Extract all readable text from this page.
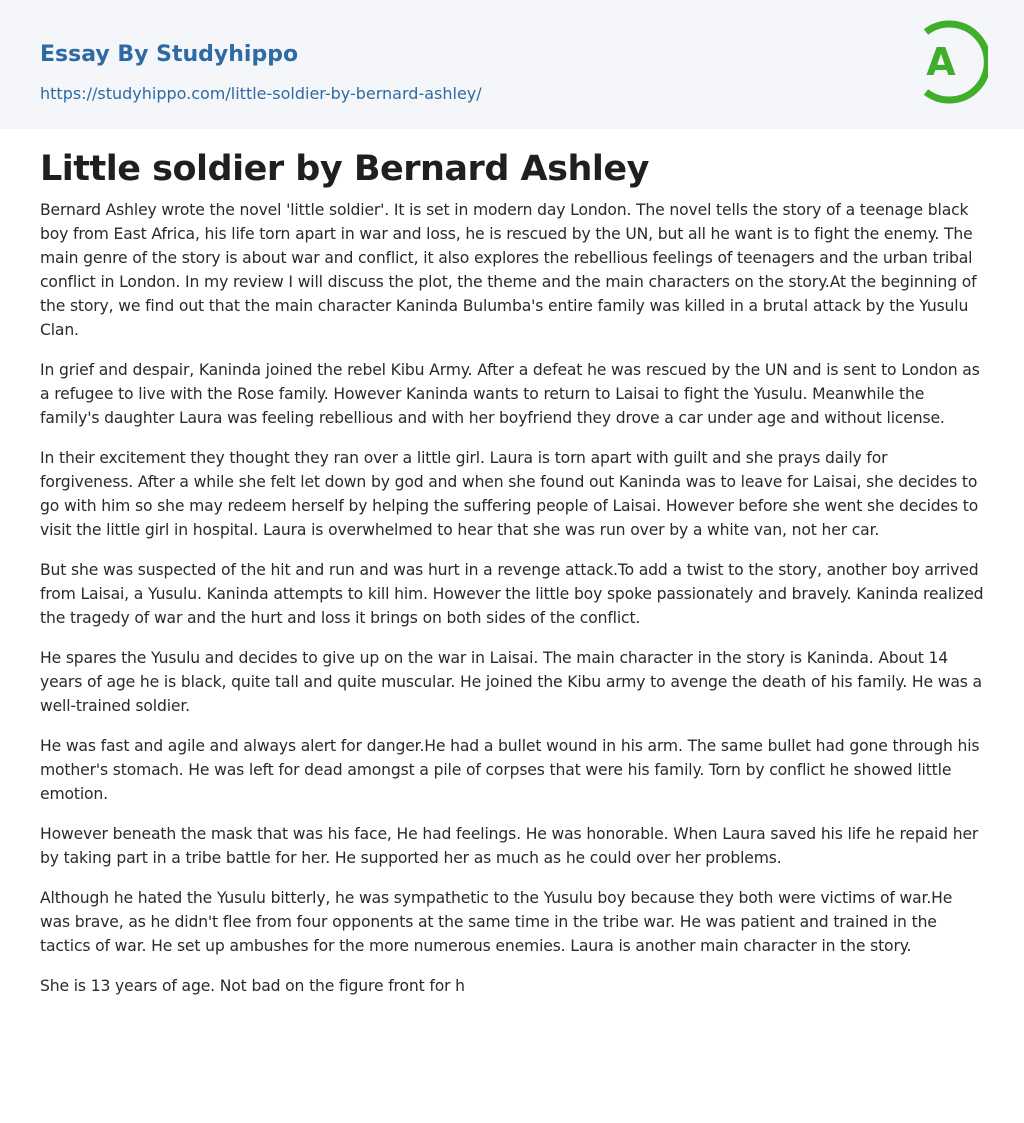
Essay By Studyhippo
https://studyhippo.com/little-soldier-by-bernard-ashley/
A
Little soldier by Bernard Ashley

Bernard Ashley wrote the novel 'little soldier'. It is set in modern day London. The novel tells the story of a teenage black boy from East Africa, his life torn apart in war and loss, he is rescued by the UN, but all he want is to fight the enemy. The main genre of the story is about war and conflict, it also explores the rebellious feelings of teenagers and the urban tribal conflict in London. In my review I will discuss the plot, the theme and the main characters on the story.At the beginning of the story, we find out that the main character Kaninda Bulumba's entire family was killed in a brutal attack by the Yusulu Clan.

In grief and despair, Kaninda joined the rebel Kibu Army. After a defeat he was rescued by the UN and is sent to London as a refugee to live with the Rose family. However Kaninda wants to return to Laisai to fight the Yusulu. Meanwhile the family's daughter Laura was feeling rebellious and with her boyfriend they drove a car under age and without license.

In their excitement they thought they ran over a little girl. Laura is torn apart with guilt and she prays daily for forgiveness. After a while she felt let down by god and when she found out Kaninda was to leave for Laisai, she decides to go with him so she may redeem herself by helping the suffering people of Laisai. However before she went she decides to visit the little girl in hospital. Laura is overwhelmed to hear that she was run over by a white van, not her car.

But she was suspected of the hit and run and was hurt in a revenge attack.To add a twist to the story, another boy arrived from Laisai, a Yusulu. Kaninda attempts to kill him. However the little boy spoke passionately and bravely. Kaninda realized the tragedy of war and the hurt and loss it brings on both sides of the conflict.

He spares the Yusulu and decides to give up on the war in Laisai. The main character in the story is Kaninda. About 14 years of age he is black, quite tall and quite muscular. He joined the Kibu army to avenge the death of his family. He was a well-trained soldier.

He was fast and agile and always alert for danger.He had a bullet wound in his arm. The same bullet had gone through his mother's stomach. He was left for dead amongst a pile of corpses that were his family. Torn by conflict he showed little emotion.

However beneath the mask that was his face, He had feelings. He was honorable. When Laura saved his life he repaid her by taking part in a tribe battle for her. He supported her as much as he could over her problems.

Although he hated the Yusulu bitterly, he was sympathetic to the Yusulu boy because they both were victims of war.He was brave, as he didn't flee from four opponents at the same time in the tribe war. He was patient and trained in the tactics of war. He set up ambushes for the more numerous enemies. Laura is another main character in the story.

She is 13 years of age. Not bad on the figure front for h
